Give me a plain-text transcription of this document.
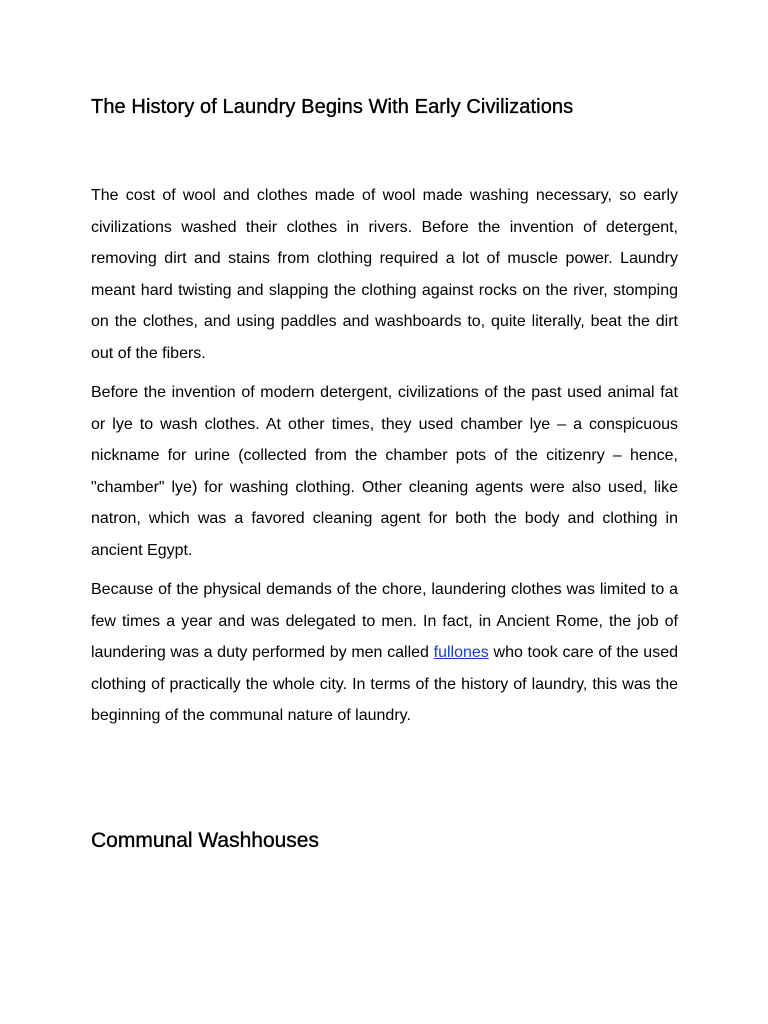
The History of Laundry Begins With Early Civilizations

The cost of wool and clothes made of wool made washing necessary, so early civilizations washed their clothes in rivers. Before the invention of detergent, removing dirt and stains from clothing required a lot of muscle power. Laundry meant hard twisting and slapping the clothing against rocks on the river, stomping on the clothes, and using paddles and washboards to, quite literally, beat the dirt out of the fibers.

Before the invention of modern detergent, civilizations of the past used animal fat or lye to wash clothes. At other times, they used chamber lye – a conspicuous nickname for urine (collected from the chamber pots of the citizenry – hence, "chamber" lye) for washing clothing. Other cleaning agents were also used, like natron, which was a favored cleaning agent for both the body and clothing in ancient Egypt.

Because of the physical demands of the chore, laundering clothes was limited to a few times a year and was delegated to men. In fact, in Ancient Rome, the job of laundering was a duty performed by men called fullones who took care of the used clothing of practically the whole city. In terms of the history of laundry, this was the beginning of the communal nature of laundry.

Communal Washhouses
